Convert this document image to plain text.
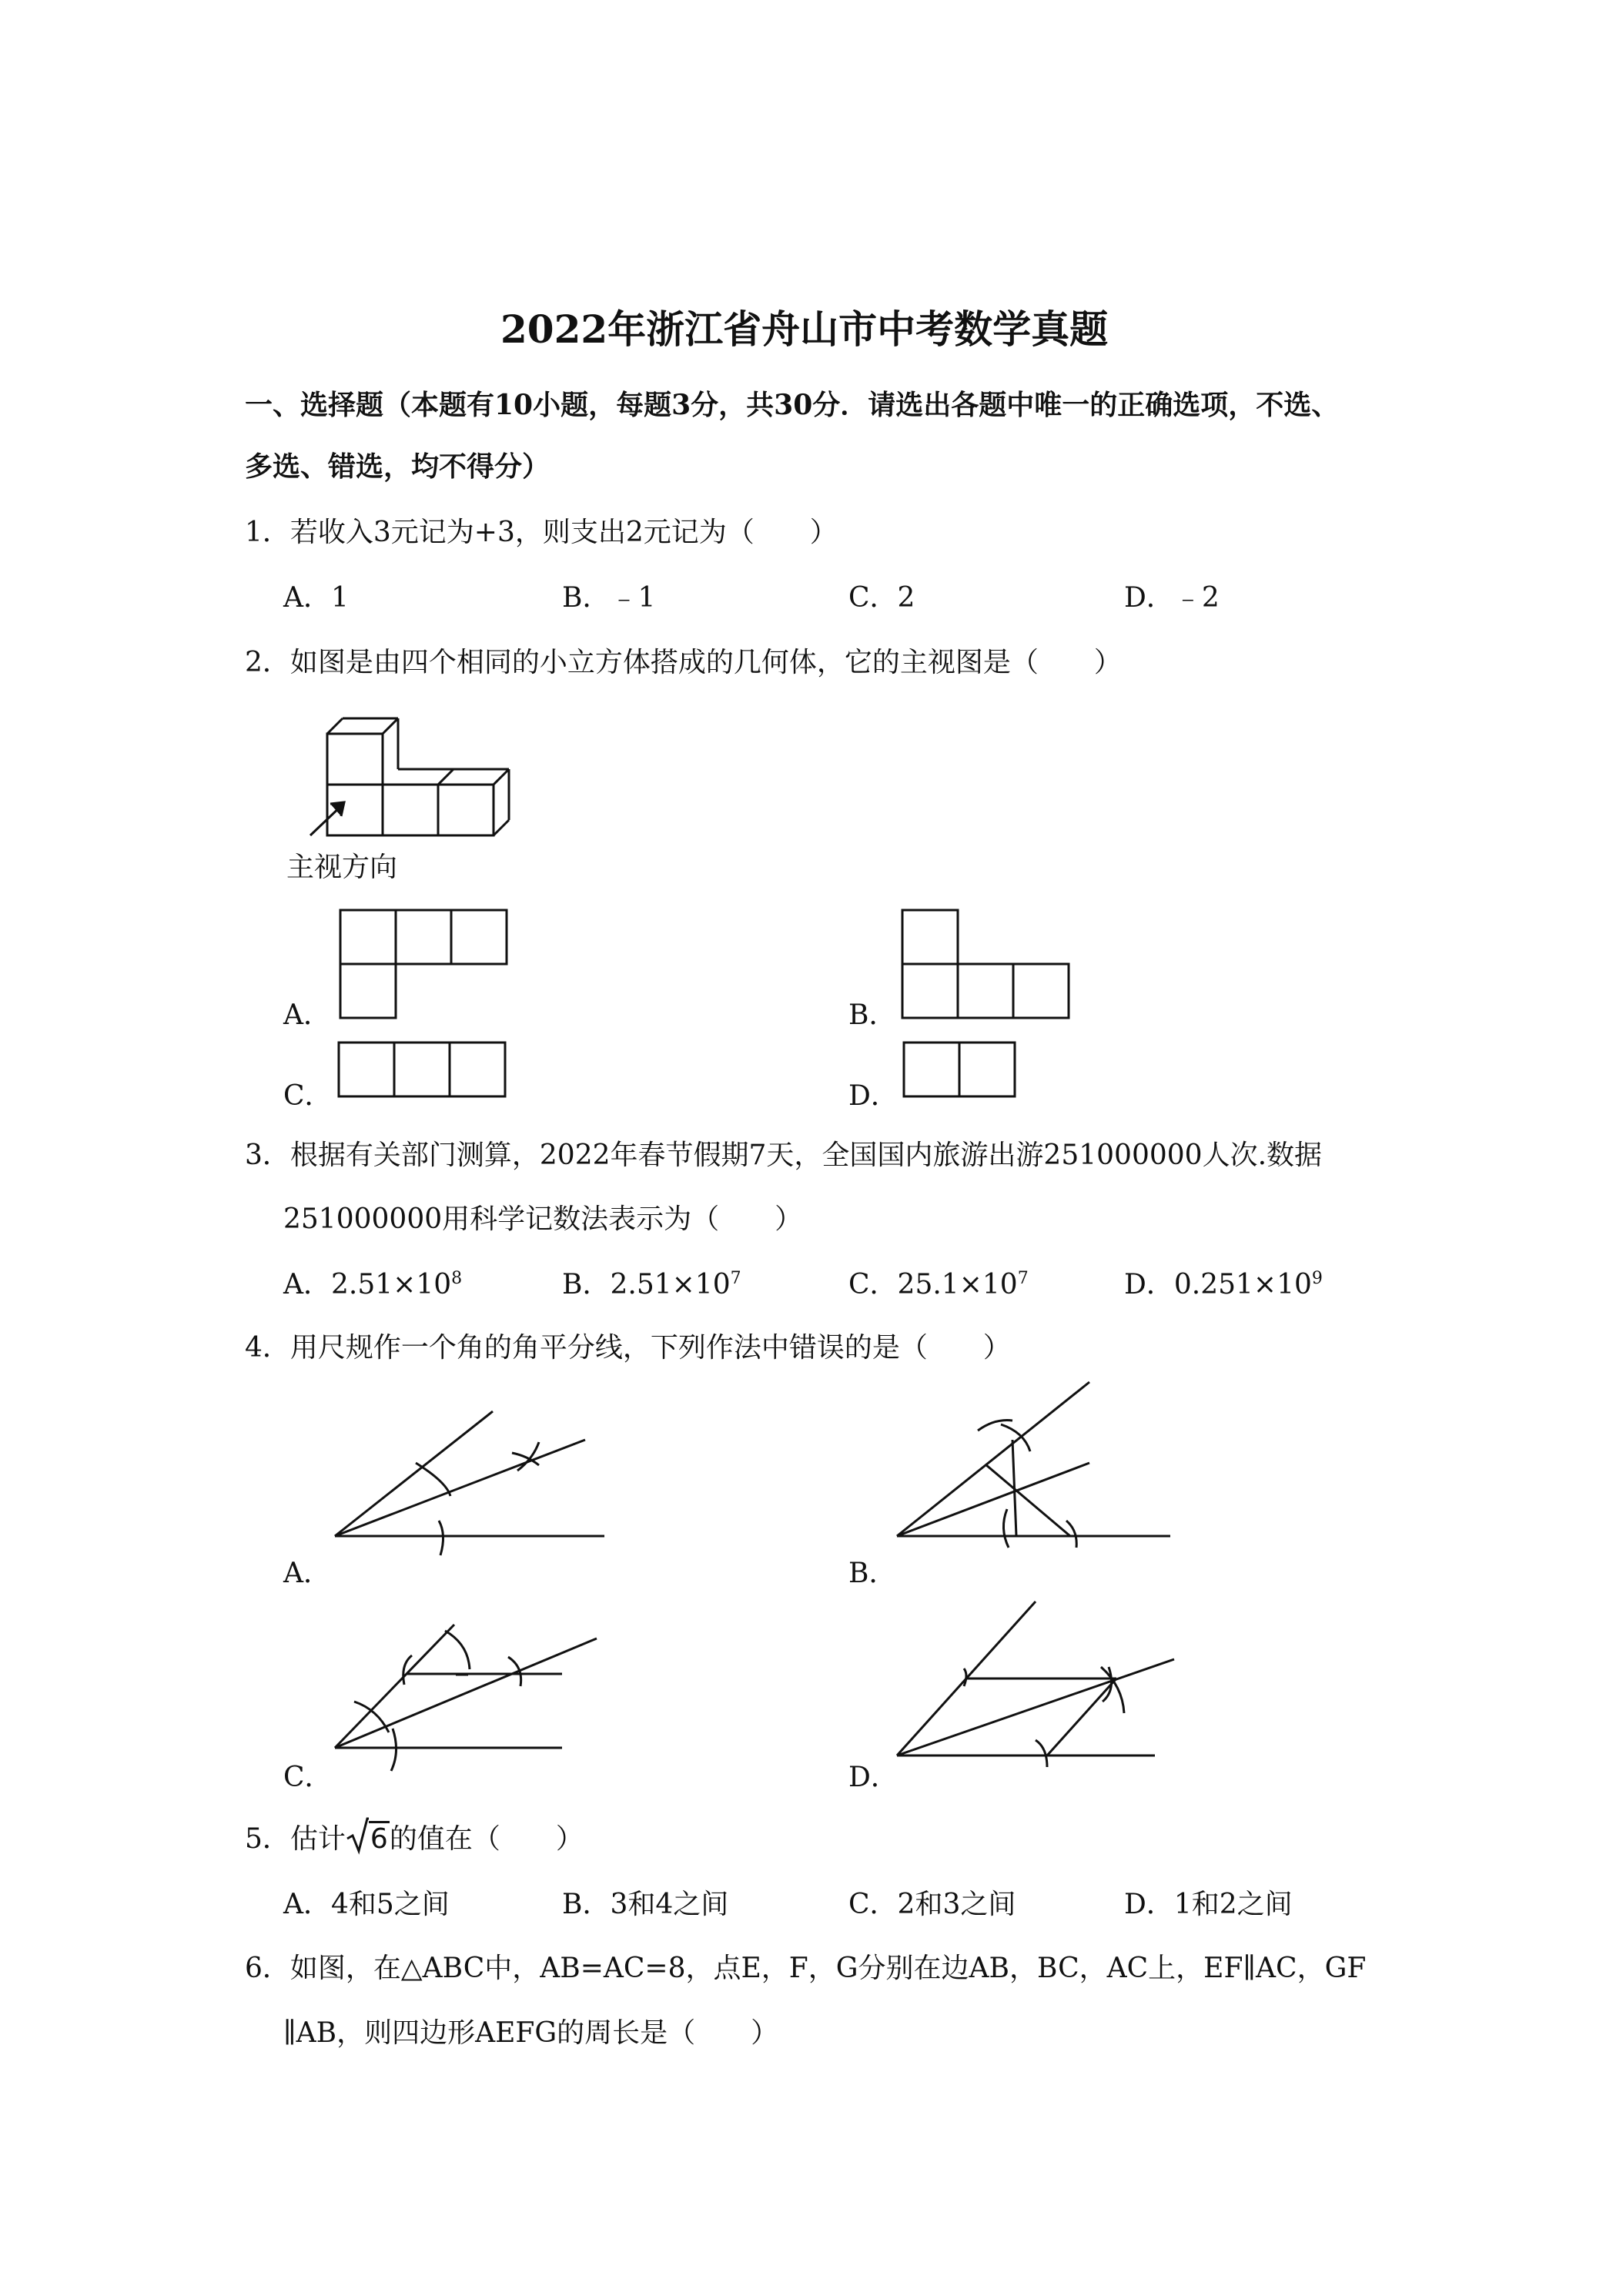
2022年浙江省舟山市中考数学真题
一、选择题（本题有10小题，每题3分，共30分．请选出各题中唯一的正确选项，不选、
多选、错选，均不得分）
1．若收入3元记为+3，则支出2元记为（　　）
A．1	B．﹣1	C．2	D．﹣2
2．如图是由四个相同的小立方体搭成的几何体，它的主视图是（　　）
主视方向
A．	B．
C．	D．
3．根据有关部门测算，2022年春节假期7天，全国国内旅游出游251000000人次.数据
251000000用科学记数法表示为（　　）
A．$2.51\times 10^8$	B．$2.51\times 10^7$	C．$25.1\times 10^7$	D．$0.251\times 10^9$
4．用尺规作一个角的角平分线，下列作法中错误的是（　　）
A．	B．
C．	D．
5．估计 6的值在（　　）
A．4和5之间	B．3和4之间	C．2和3之间	D．1和2之间
6．如图，在△ABC中，AB=AC=8，点E，F，G分别在边AB，BC，AC上，EF∥AC，GF
∥AB，则四边形AEFG的周长是（　　）
